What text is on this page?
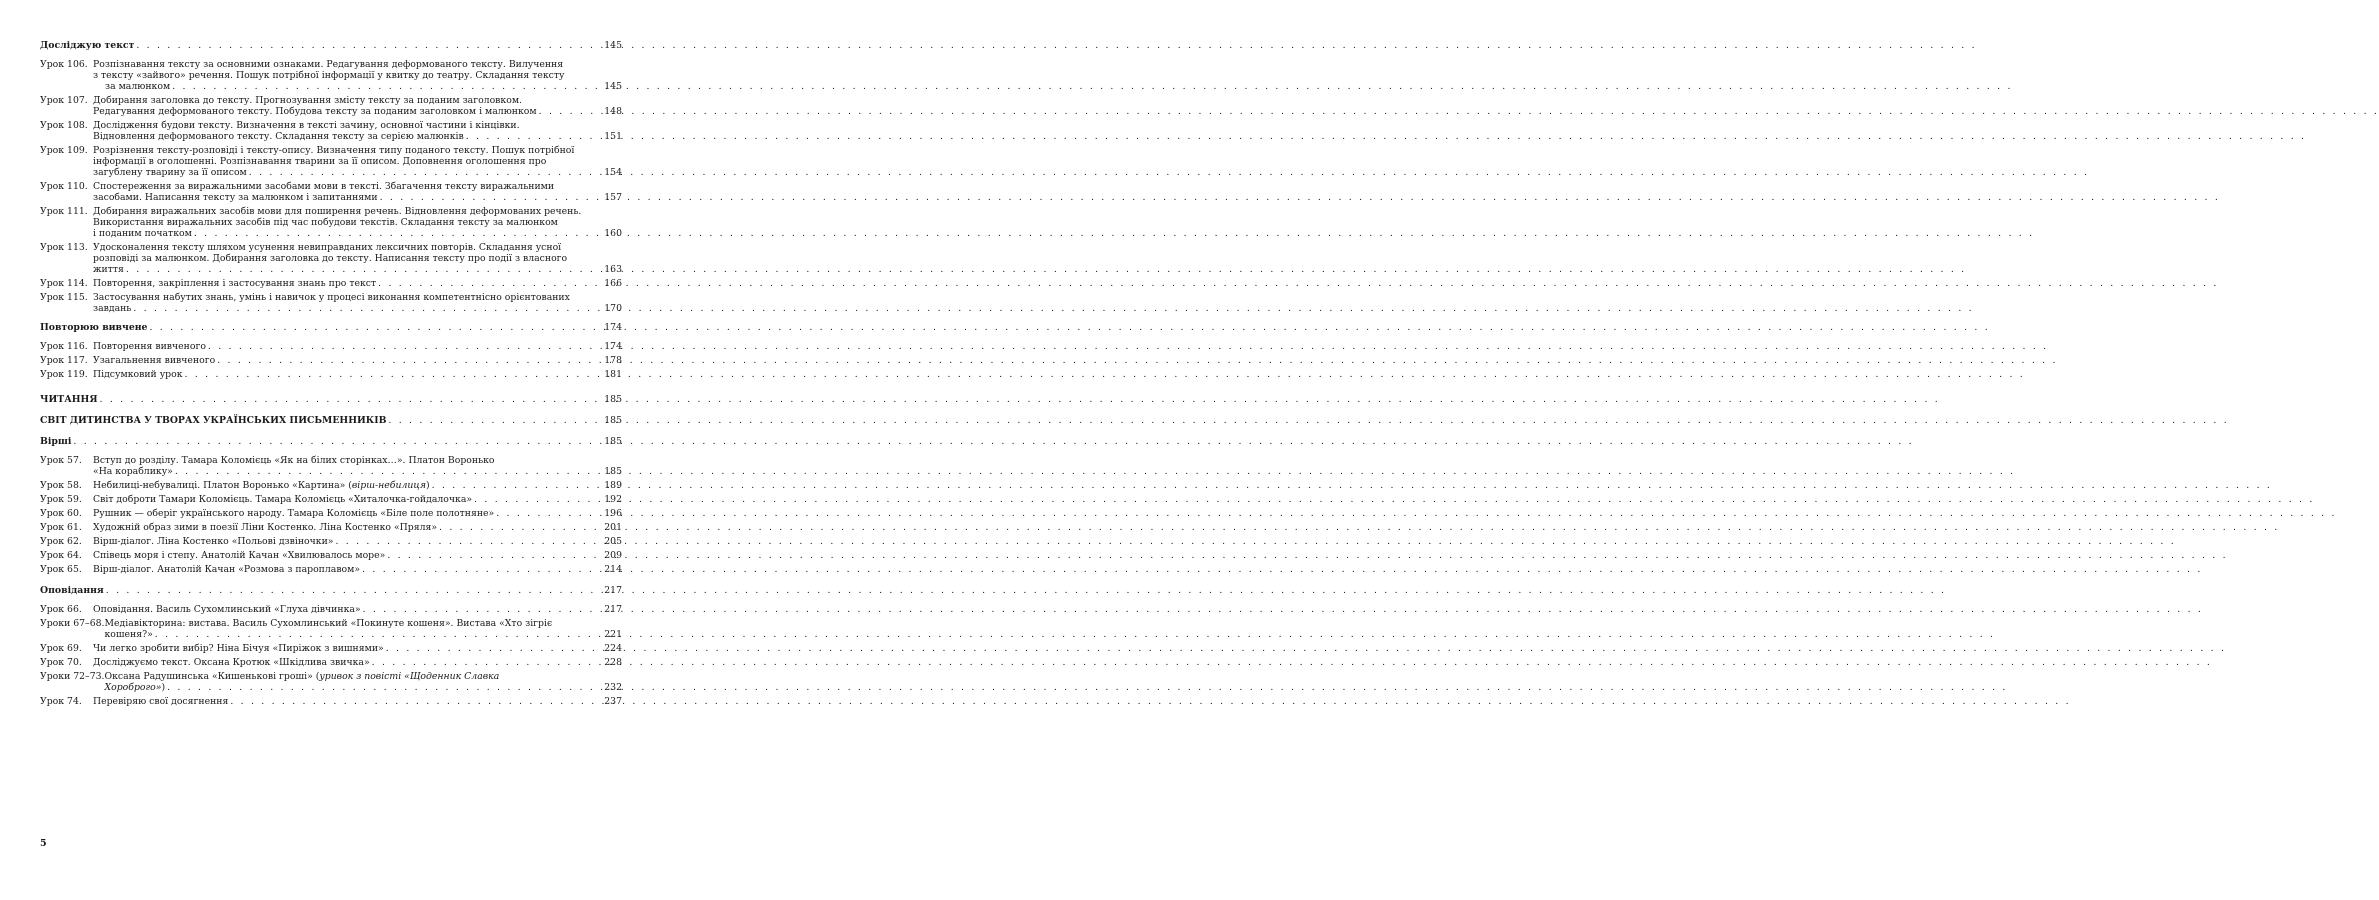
Досліджую текст . . .	145
Урок 106. Розпізнавання тексту за основними ознаками. Редагування деформованого тексту. Вилучення
з тексту «зайвого» речення. Пошук потрібної інформації у квитку до театру. Складання тексту
за малюнком . . .	145
Урок 107. Добирання заголовка до тексту. Прогнозування змісту тексту за поданим заголовком.
Редагування деформованого тексту. Побудова тексту за поданим заголовком і малюнком . . .	148
Урок 108. Дослідження будови тексту. Визначення в тексті зачину, основної частини і кінцівки.
Відновлення деформованого тексту. Складання тексту за серією малюнків . . .	151
Урок 109. Розрізнення тексту-розповіді і тексту-опису. Визначення типу поданого тексту. Пошук потрібної
інформації в оголошенні. Розпізнавання тварини за її описом. Доповнення оголошення про
загублену тварину за її описом . . .	154
Урок 110. Спостереження за виражальними засобами мови в тексті. Збагачення тексту виражальними
засобами. Написання тексту за малюнком і запитаннями . . .	157
Урок 111. Добирання виражальних засобів мови для поширення речень. Відновлення деформованих речень.
Використання виражальних засобів під час побудови текстів. Складання тексту за малюнком
і поданим початком . . .	160
Урок 113. Удосконалення тексту шляхом усунення невиправданих лексичних повторів. Складання усної
розповіді за малюнком. Добирання заголовка до тексту. Написання тексту про події з власного
життя . . .	163
Урок 114. Повторення, закріплення і застосування знань про текст . . .	166
Урок 115. Застосування набутих знань, умінь і навичок у процесі виконання компетентнісно орієнтованих
завдань . . .	170
Повторюю вивчене . . .	174
Урок 116. Повторення вивченого . . .	174
Урок 117. Узагальнення вивченого . . .	178
Урок 119. Підсумковий урок . . .	181
ЧИТАННЯ . . .	185
СВІТ ДИТИНСТВА У ТВОРАХ УКРАЇНСЬКИХ ПИСЬМЕННИКІВ . . .	185
Вірші . . .	185
Урок 57.	Вступ до розділу. Тамара Коломієць «Як на білих сторінках…». Платон Воронько
«На кораблику» . . .	185
Урок 58.	Небилиці-небувалиці. Платон Воронько «Картина» (вірш-небилиця) . . .	189
Урок 59.	Світ доброти Тамари Коломієць. Тамара Коломієць «Хиталочка-гойдалочка» . . .	192
Урок 60.	Рушник — оберіг українського народу. Тамара Коломієць «Біле поле полотняне» . . .	196
Урок 61.	Художній образ зими в поезії Ліни Костенко. Ліна Костенко «Пряля» . . .	201
Урок 62.	Вірш-діалог. Ліна Костенко «Польові дзвіночки» . . .	205
Урок 64.	Співець моря і степу. Анатолій Качан «Хвилювалось море» . . .	209
Урок 65.	Вірш-діалог. Анатолій Качан «Розмова з пароплавом» . . .	214
Оповідання . . .	217
Урок 66.	Оповідання. Василь Сухомлинський «Глуха дівчинка» . . .	217
Уроки 67–68. Медіавікторина: вистава. Василь Сухомлинський «Покинуте кошеня». Вистава «Хто зігріє
кошеня?» . . .	221
Урок 69.	Чи легко зробити вибір? Ніна Бічуя «Пиріжок з вишнями» . . .	224
Урок 70.	Досліджуємо текст. Оксана Кротюк «Шкідлива звичка» . . .	228
Уроки 72–73. Оксана Радушинська «Кишенькові гроші» (уривок з повісті «Щоденник Славка
Хороброго») . . .	232
Урок 74.	Перевіряю свої досягнення . . .	237
5
